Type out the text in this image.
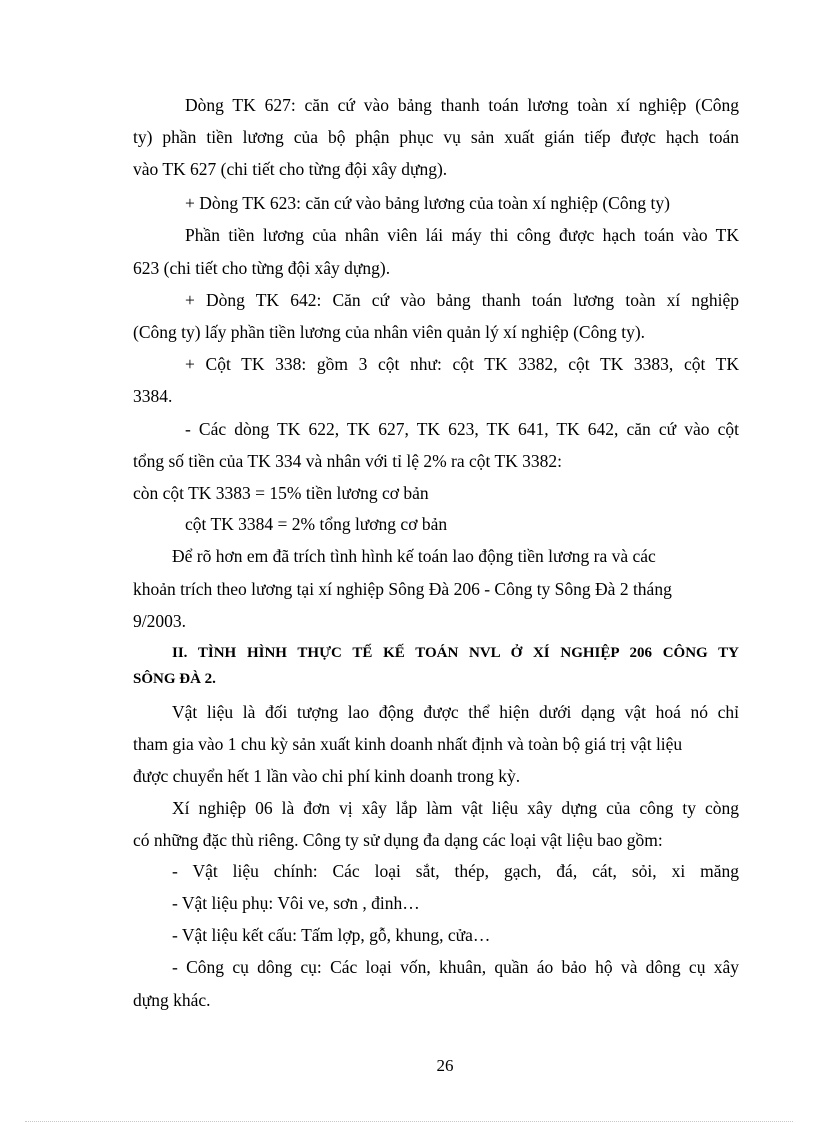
Dòng TK 627: căn cứ vào bảng thanh toán lương toàn xí nghiệp (Công
ty) phần tiền lương của bộ phận phục vụ sản xuất gián tiếp được hạch toán
vào TK 627 (chi tiết cho từng đội xây dựng).
+ Dòng TK 623: căn cứ vào bảng lương của toàn xí nghiệp (Công ty)
Phần tiền lương của nhân viên lái máy thi công được hạch toán vào TK
623 (chi tiết cho từng đội xây dựng).
+ Dòng TK 642: Căn cứ vào bảng thanh toán lương toàn xí nghiệp
(Công ty) lấy phần tiền lương của nhân viên quản lý xí nghiệp (Công ty).
+ Cột TK 338: gồm 3 cột như: cột TK 3382, cột TK 3383, cột TK
3384.
- Các dòng TK 622, TK 627, TK 623, TK 641, TK 642, căn cứ vào cột
tổng số tiền của TK 334 và nhân với tỉ lệ 2% ra cột TK 3382:
còn cột TK 3383 = 15% tiền lương cơ bản
cột TK 3384 = 2% tổng lương cơ bản
Để rõ hơn em đã trích tình hình kế toán lao động tiền lương ra và các
khoản trích theo lương tại xí nghiệp Sông Đà 206 - Công ty Sông Đà 2 tháng
9/2003.
II. TÌNH HÌNH THỰC TẾ KẾ TOÁN NVL Ở XÍ NGHIỆP 206 CÔNG TY
SÔNG ĐÀ 2.
Vật liệu là đối tượng lao động được thể hiện dưới dạng vật hoá nó chỉ
tham gia vào 1 chu kỳ sản xuất kinh doanh nhất định và toàn bộ giá trị vật liệu
được chuyển hết 1 lần vào chi phí kinh doanh trong kỳ.
Xí nghiệp 06 là đơn vị xây lắp làm vật liệu xây dựng của công ty còng
có những đặc thù riêng. Công ty sử dụng đa dạng các loại vật liệu bao gồm:
- Vật liệu chính: Các loại sắt, thép, gạch, đá, cát, sỏi, xi măng
- Vật liệu phụ: Vôi ve, sơn , đinh…
- Vật liệu kết cấu: Tấm lợp, gỗ, khung, cửa…
- Công cụ dông cụ: Các loại vốn, khuân, quần áo bảo hộ và dông cụ xây
dựng khác.
26
